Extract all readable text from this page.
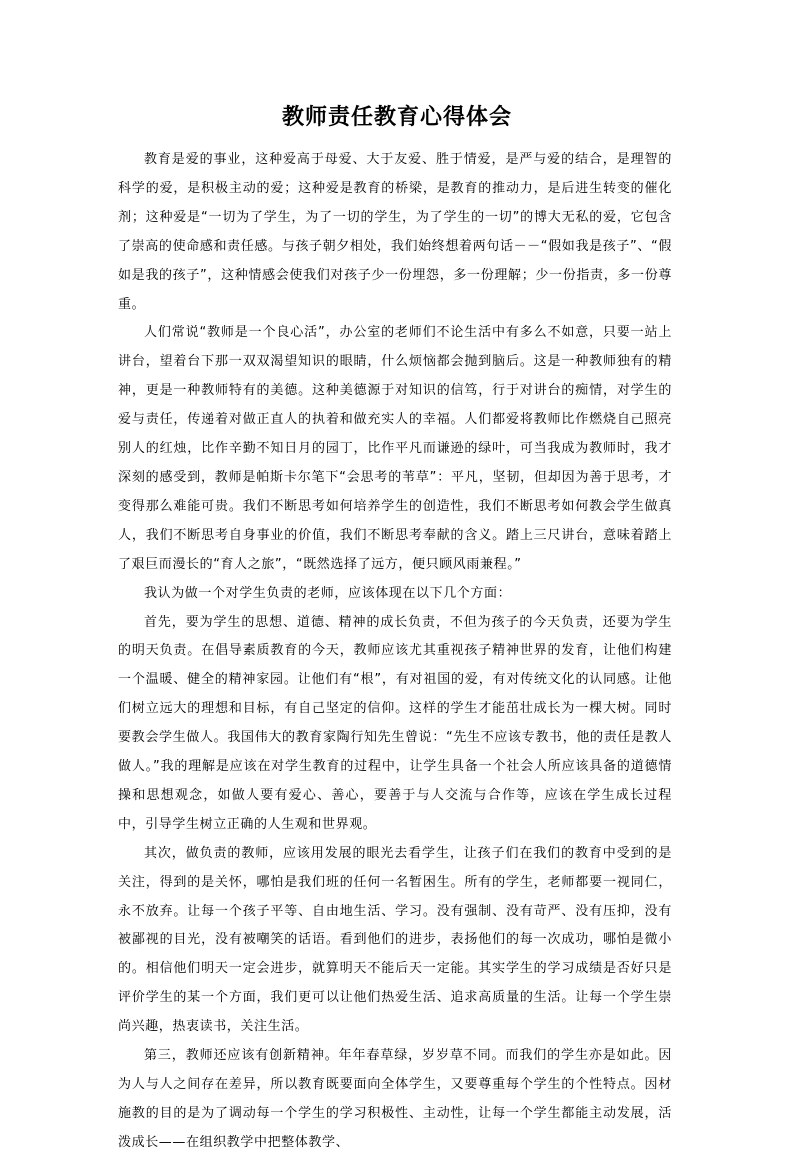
教师责任教育心得体会

教育是爱的事业，这种爱高于母爱、大于友爱、胜于情爱，是严与爱的结合，是理智的科学的爱，是积极主动的爱；这种爱是教育的桥梁，是教育的推动力，是后进生转变的催化剂；这种爱是“一切为了学生，为了一切的学生，为了学生的一切”的博大无私的爱，它包含了崇高的使命感和责任感。与孩子朝夕相处，我们始终想着两句话－－“假如我是孩子”、“假如是我的孩子”，这种情感会使我们对孩子少一份埋怨，多一份理解；少一份指责，多一份尊重。

人们常说“教师是一个良心活”，办公室的老师们不论生活中有多么不如意，只要一站上讲台，望着台下那一双双渴望知识的眼睛，什么烦恼都会抛到脑后。这是一种教师独有的精神，更是一种教师特有的美德。这种美德源于对知识的信笃，行于对讲台的痴情，对学生的爱与责任，传递着对做正直人的执着和做充实人的幸福。人们都爱将教师比作燃烧自己照亮别人的红烛，比作辛勤不知日月的园丁，比作平凡而谦逊的绿叶，可当我成为教师时，我才深刻的感受到，教师是帕斯卡尔笔下“会思考的苇草”：平凡，坚韧，但却因为善于思考，才变得那么难能可贵。我们不断思考如何培养学生的创造性，我们不断思考如何教会学生做真人，我们不断思考自身事业的价值，我们不断思考奉献的含义。踏上三尺讲台，意味着踏上了艰巨而漫长的“育人之旅”，“既然选择了远方，便只顾风雨兼程。”

我认为做一个对学生负责的老师，应该体现在以下几个方面：

首先，要为学生的思想、道德、精神的成长负责，不但为孩子的今天负责，还要为学生的明天负责。在倡导素质教育的今天，教师应该尤其重视孩子精神世界的发育，让他们构建一个温暖、健全的精神家园。让他们有“根”，有对祖国的爱，有对传统文化的认同感。让他们树立远大的理想和目标，有自己坚定的信仰。这样的学生才能茁壮成长为一棵大树。同时要教会学生做人。我国伟大的教育家陶行知先生曾说：“先生不应该专教书，他的责任是教人做人。”我的理解是应该在对学生教育的过程中，让学生具备一个社会人所应该具备的道德情操和思想观念，如做人要有爱心、善心，要善于与人交流与合作等，应该在学生成长过程中，引导学生树立正确的人生观和世界观。

其次，做负责的教师，应该用发展的眼光去看学生，让孩子们在我们的教育中受到的是关注，得到的是关怀，哪怕是我们班的任何一名暂困生。所有的学生，老师都要一视同仁，永不放弃。让每一个孩子平等、自由地生活、学习。没有强制、没有苛严、没有压抑，没有被鄙视的目光，没有被嘲笑的话语。看到他们的进步，表扬他们的每一次成功，哪怕是微小的。相信他们明天一定会进步，就算明天不能后天一定能。其实学生的学习成绩是否好只是评价学生的某一个方面，我们更可以让他们热爱生活、追求高质量的生活。让每一个学生崇尚兴趣，热衷读书，关注生活。

第三，教师还应该有创新精神。年年春草绿，岁岁草不同。而我们的学生亦是如此。因为人与人之间存在差异，所以教育既要面向全体学生，又要尊重每个学生的个性特点。因材施教的目的是为了调动每一个学生的学习积极性、主动性，让每一个学生都能主动发展，活泼成长——在组织教学中把整体教学、
